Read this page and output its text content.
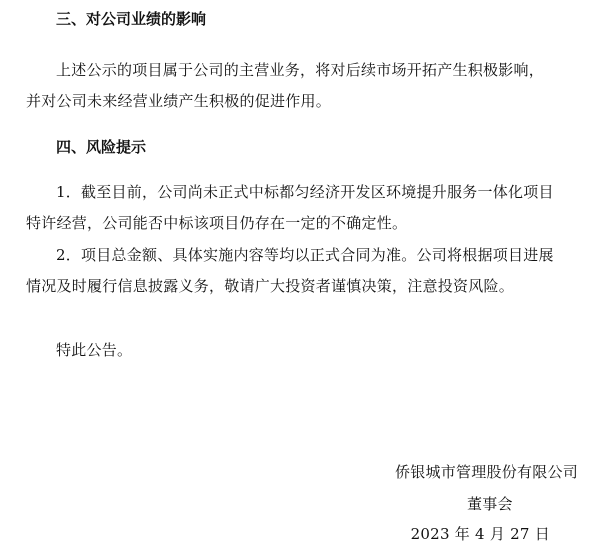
三、对公司业绩的影响
上述公示的项目属于公司的主营业务，将对后续市场开拓产生积极影响，
并对公司未来经营业绩产生积极的促进作用。
四、风险提示
1．截至目前，公司尚未正式中标都匀经济开发区环境提升服务一体化项目
特许经营，公司能否中标该项目仍存在一定的不确定性。
2．项目总金额、具体实施内容等均以正式合同为准。公司将根据项目进展
情况及时履行信息披露义务，敬请广大投资者谨慎决策，注意投资风险。
特此公告。
侨银城市管理股份有限公司
董事会
2023 年 4 月 27 日
